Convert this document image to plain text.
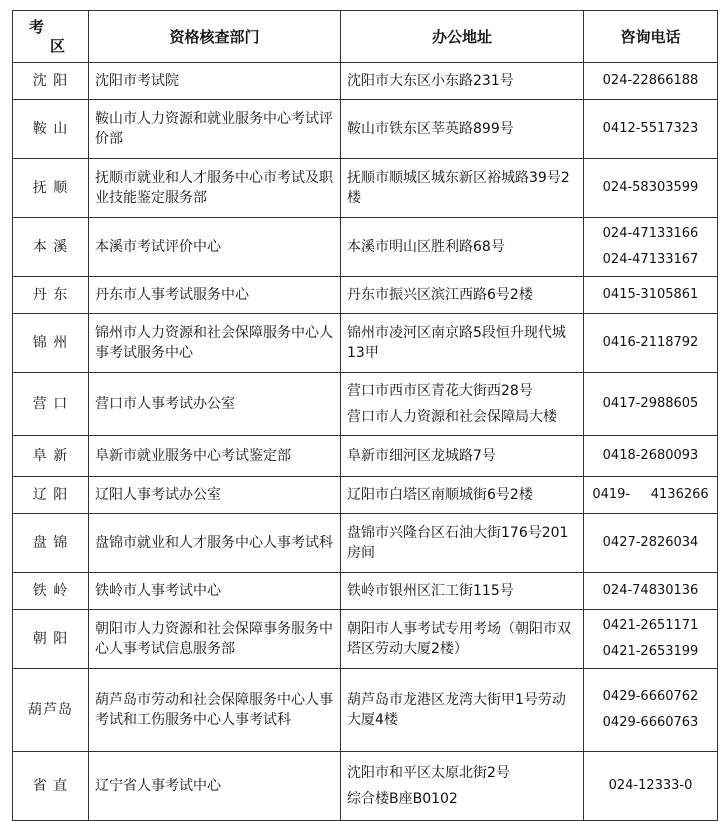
考
区	资格核查部门	办公地址	咨询电话
沈 阳	沈阳市考试院	沈阳市大东区小东路231号	024-22866188

鞍 山	鞍山市人力资源和就业服务中心考试评价部	鞍山市铁东区莘英路899号	0412-5517323

抚 顺	抚顺市就业和人才服务中心市考试及职业技能鉴定服务部	抚顺市顺城区城东新区裕城路39号2楼	024-58303599

本 溪	本溪市考试评价中心	本溪市明山区胜利路68号	024-47133166
024-47133167

丹 东	丹东市人事考试服务中心	丹东市振兴区滨江西路6号2楼	0415-3105861

锦 州	锦州市人力资源和社会保障服务中心人事考试服务中心	锦州市凌河区南京路5段恒升现代城13甲	0416-2118792

营 口	营口市人事考试办公室	营口市西市区青花大街西28号
营口市人力资源和社会保障局大楼	0417-2988605

阜 新	阜新市就业服务中心考试鉴定部	阜新市细河区龙城路7号	0418-2680093

辽 阳	辽阳人事考试办公室	辽阳市白塔区南顺城街6号2楼	0419-     4136266

盘 锦	盘锦市就业和人才服务中心人事考试科	盘锦市兴隆台区石油大街176号201房间	0427-2826034

铁 岭	铁岭市人事考试中心	铁岭市银州区汇工街115号	024-74830136

朝 阳	朝阳市人力资源和社会保障事务服务中心人事考试信息服务部	朝阳市人事考试专用考场（朝阳市双塔区劳动大厦2楼）	0421-2651171
0421-2653199

葫芦岛	葫芦岛市劳动和社会保障服务中心人事考试和工伤服务中心人事考试科	葫芦岛市龙港区龙湾大街甲1号劳动大厦4楼	0429-6660762
0429-6660763

省 直	辽宁省人事考试中心	沈阳市和平区太原北街2号
综合楼B座B0102	024-12333-0
